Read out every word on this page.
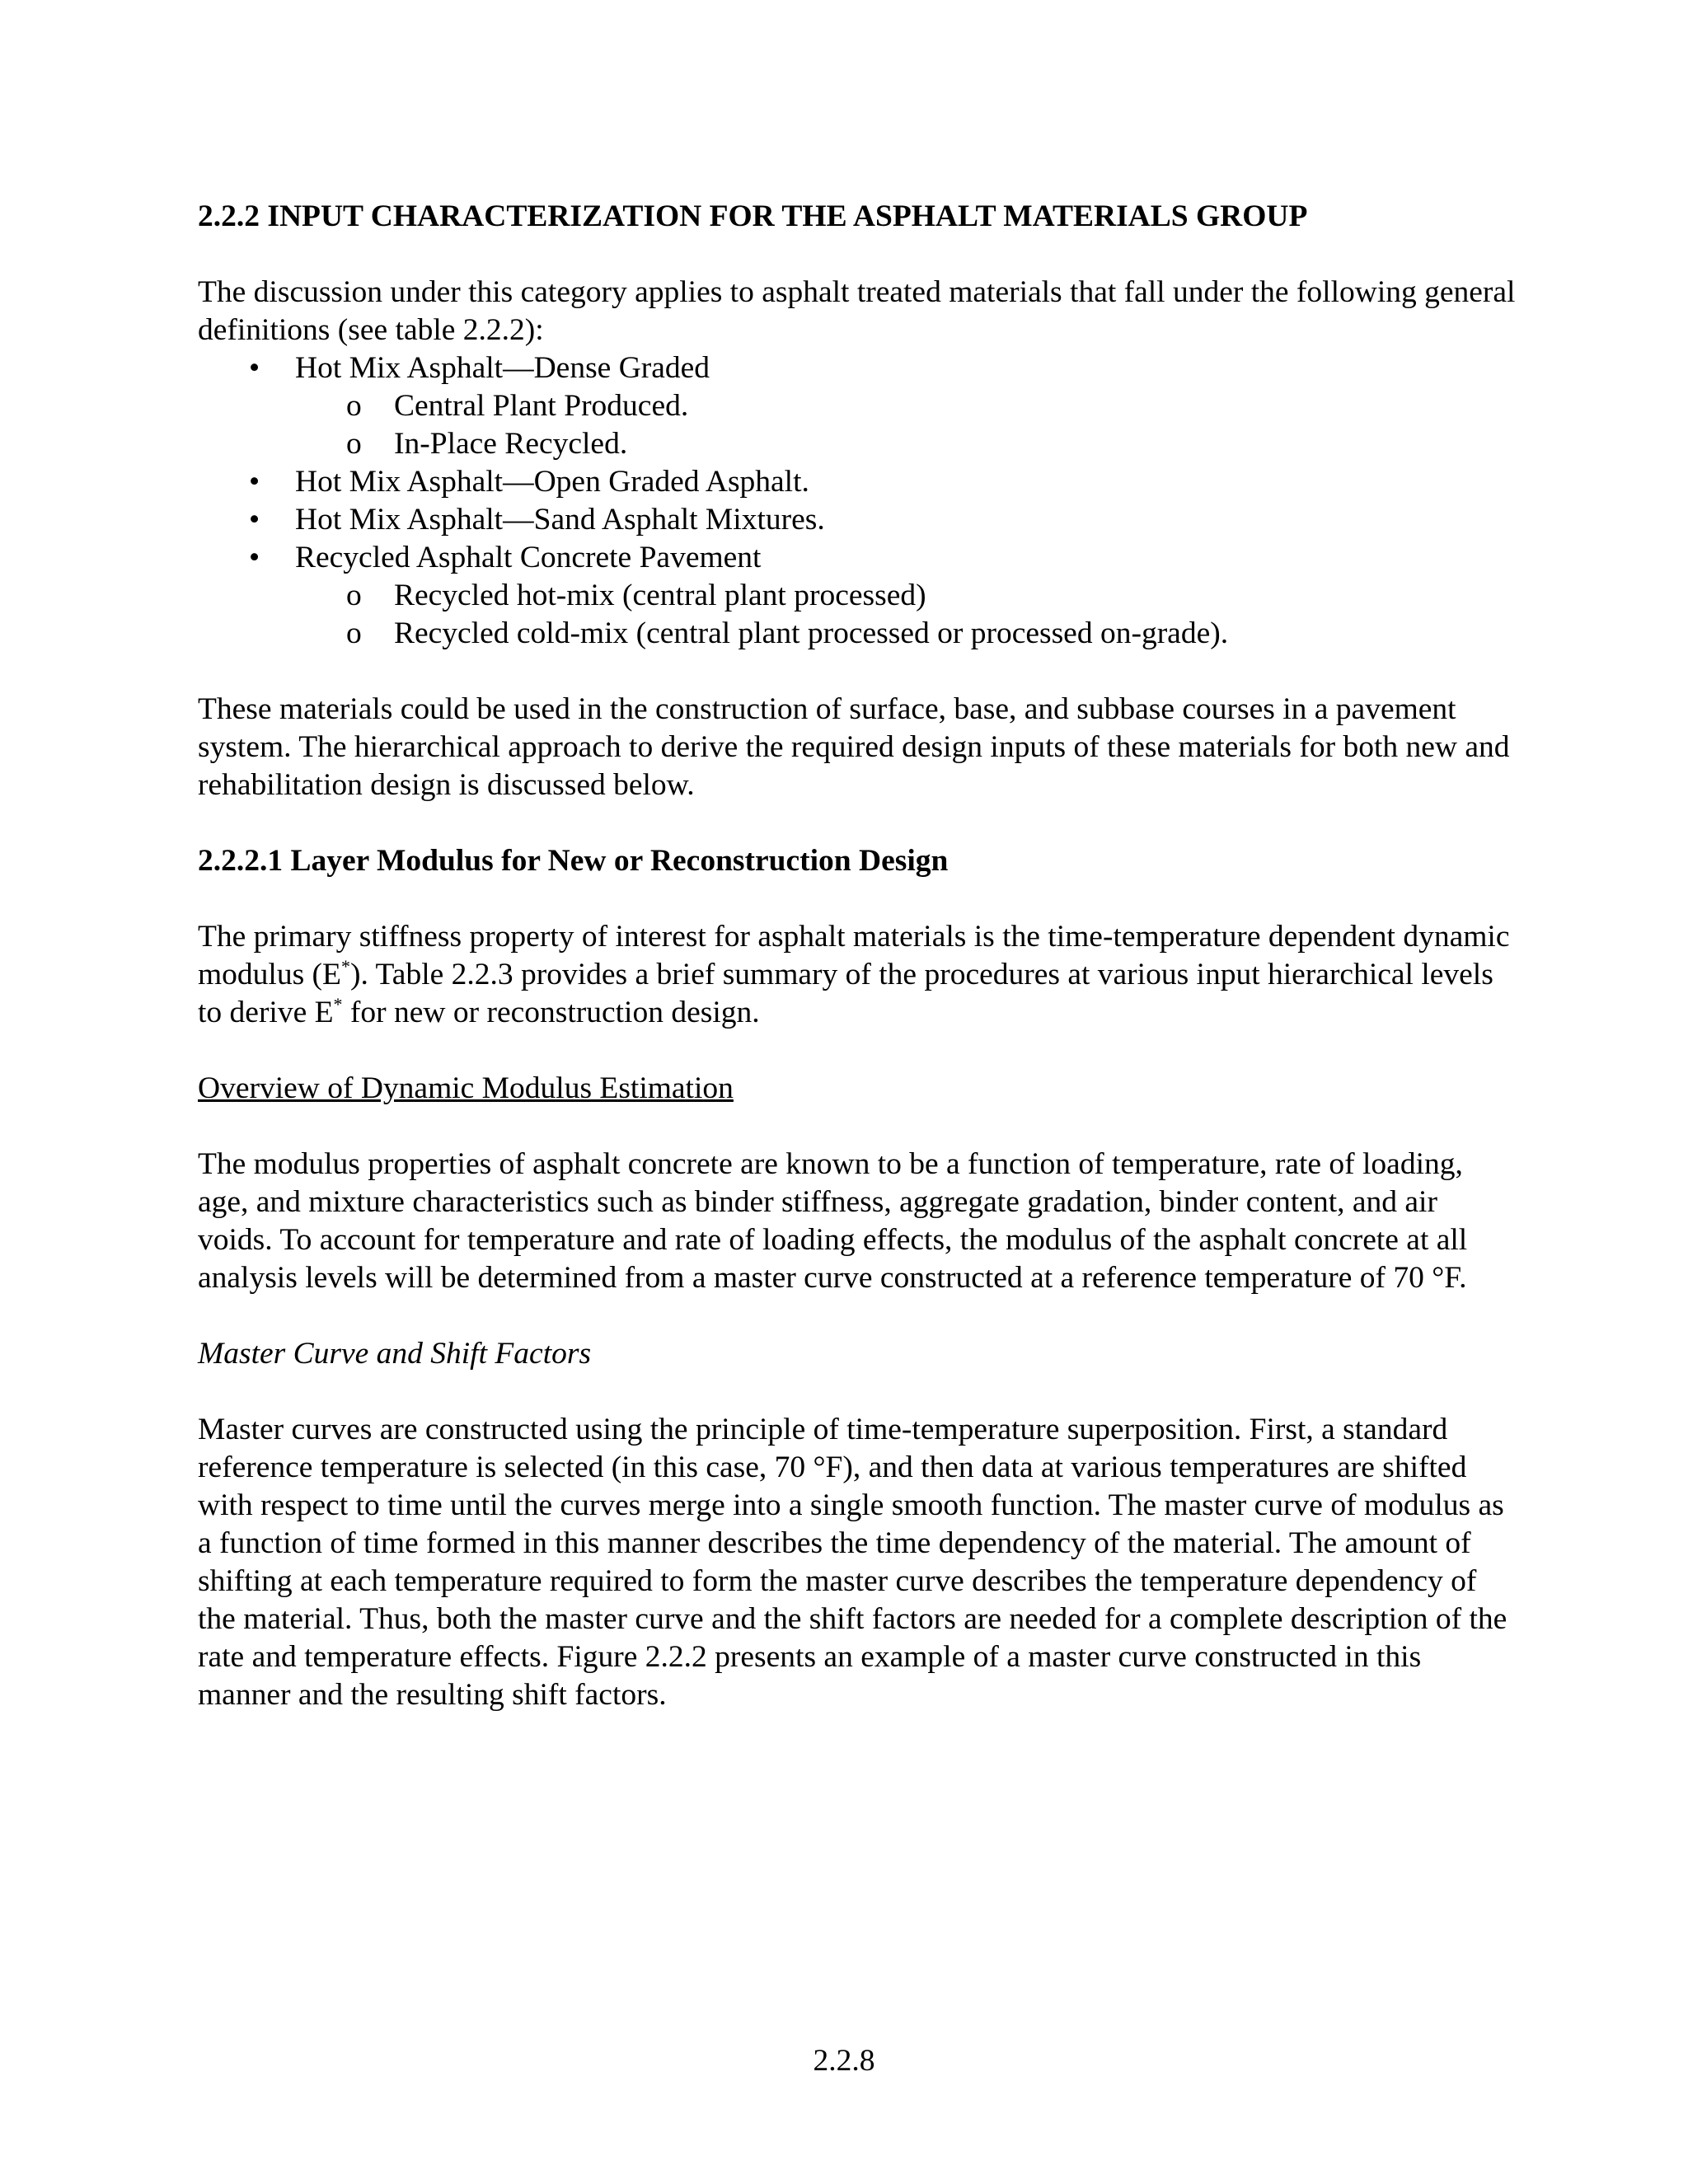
2.2.2 INPUT CHARACTERIZATION FOR THE ASPHALT MATERIALS GROUP

The discussion under this category applies to asphalt treated materials that fall under the following general definitions (see table 2.2.2):

• Hot Mix Asphalt—Dense Graded
o Central Plant Produced.
o In-Place Recycled.
• Hot Mix Asphalt—Open Graded Asphalt.
• Hot Mix Asphalt—Sand Asphalt Mixtures.
• Recycled Asphalt Concrete Pavement
o Recycled hot-mix (central plant processed)
o Recycled cold-mix (central plant processed or processed on-grade).

These materials could be used in the construction of surface, base, and subbase courses in a pavement system. The hierarchical approach to derive the required design inputs of these materials for both new and rehabilitation design is discussed below.

2.2.2.1 Layer Modulus for New or Reconstruction Design

The primary stiffness property of interest for asphalt materials is the time-temperature dependent dynamic modulus (E*). Table 2.2.3 provides a brief summary of the procedures at various input hierarchical levels to derive E* for new or reconstruction design.

Overview of Dynamic Modulus Estimation

The modulus properties of asphalt concrete are known to be a function of temperature, rate of loading, age, and mixture characteristics such as binder stiffness, aggregate gradation, binder content, and air voids. To account for temperature and rate of loading effects, the modulus of the asphalt concrete at all analysis levels will be determined from a master curve constructed at a reference temperature of 70 °F.

Master Curve and Shift Factors

Master curves are constructed using the principle of time-temperature superposition. First, a standard reference temperature is selected (in this case, 70 °F), and then data at various temperatures are shifted with respect to time until the curves merge into a single smooth function. The master curve of modulus as a function of time formed in this manner describes the time dependency of the material. The amount of shifting at each temperature required to form the master curve describes the temperature dependency of the material. Thus, both the master curve and the shift factors are needed for a complete description of the rate and temperature effects. Figure 2.2.2 presents an example of a master curve constructed in this manner and the resulting shift factors.

2.2.8
